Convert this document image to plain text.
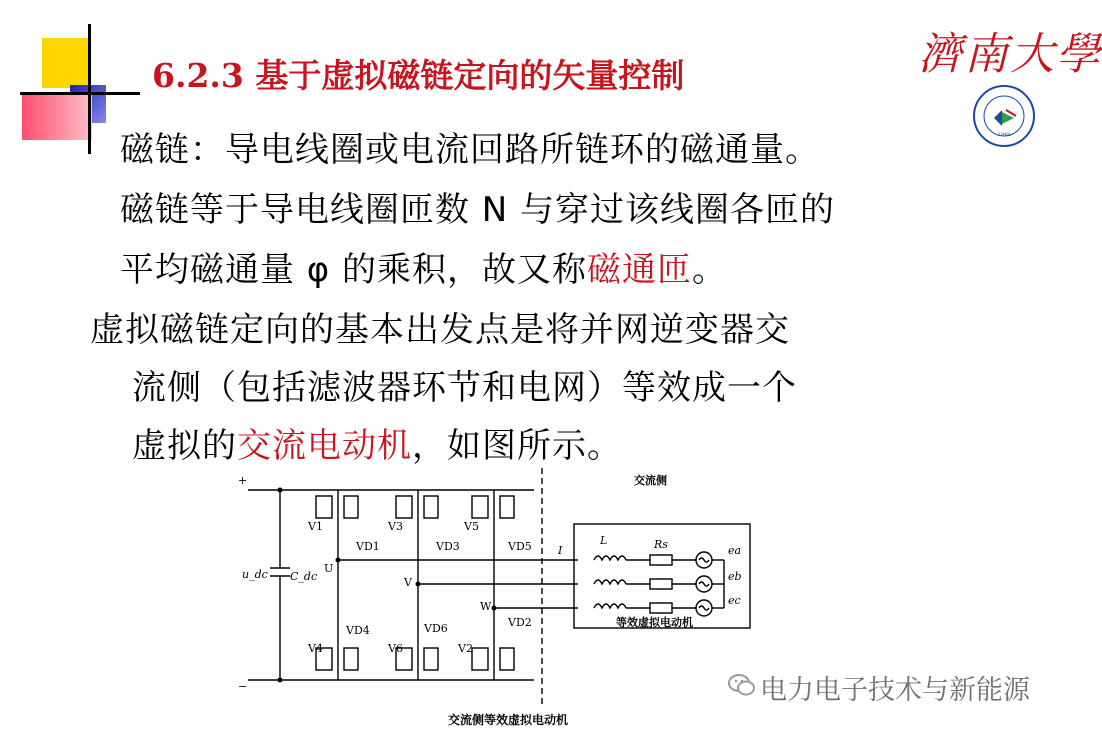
6.2.3 基于虚拟磁链定向的矢量控制	濟南大學
1948
磁链：导电线圈或电流回路所链环的磁通量。
磁链等于导电线圈匝数 N 与穿过该线圈各匝的
平均磁通量 φ 的乘积，故又称磁通匝。
虚拟磁链定向的基本出发点是将并网逆变器交
流侧（包括滤波器环节和电网）等效成一个
虚拟的交流电动机，如图所示。
+
−
u_dc C_dc
V1	V3	V5
VD1	VD3	VD5
U
V
W
VD2
VD4	VD6
V4	V6	V2
I
L	Rs	ea
eb
ec
交流侧
等效虚拟电动机
交流侧等效虚拟电动机
电力电子技术与新能源
